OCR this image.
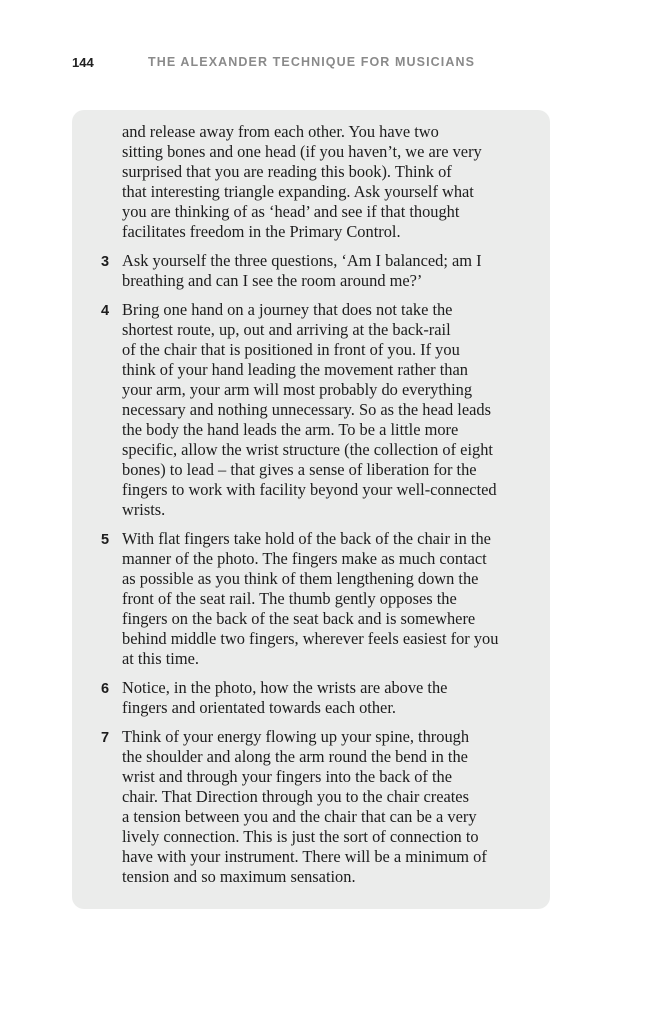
144	THE ALEXANDER TECHNIQUE FOR MUSICIANS
and release away from each other. You have two
sitting bones and one head (if you haven’t, we are very
surprised that you are reading this book). Think of
that interesting triangle expanding. Ask yourself what
you are thinking of as ‘head’ and see if that thought
facilitates freedom in the Primary Control.
3 Ask yourself the three questions, ‘Am I balanced; am I
breathing and can I see the room around me?’
4 Bring one hand on a journey that does not take the
shortest route, up, out and arriving at the back-rail
of the chair that is positioned in front of you. If you
think of your hand leading the movement rather than
your arm, your arm will most probably do everything
necessary and nothing unnecessary. So as the head leads
the body the hand leads the arm. To be a little more
specific, allow the wrist structure (the collection of eight
bones) to lead – that gives a sense of liberation for the
fingers to work with facility beyond your well-connected
wrists.
5 With flat fingers take hold of the back of the chair in the
manner of the photo. The fingers make as much contact
as possible as you think of them lengthening down the
front of the seat rail. The thumb gently opposes the
fingers on the back of the seat back and is somewhere
behind middle two fingers, wherever feels easiest for you
at this time.
6 Notice, in the photo, how the wrists are above the
fingers and orientated towards each other.
7 Think of your energy flowing up your spine, through
the shoulder and along the arm round the bend in the
wrist and through your fingers into the back of the
chair. That Direction through you to the chair creates
a tension between you and the chair that can be a very
lively connection. This is just the sort of connection to
have with your instrument. There will be a minimum of
tension and so maximum sensation.
